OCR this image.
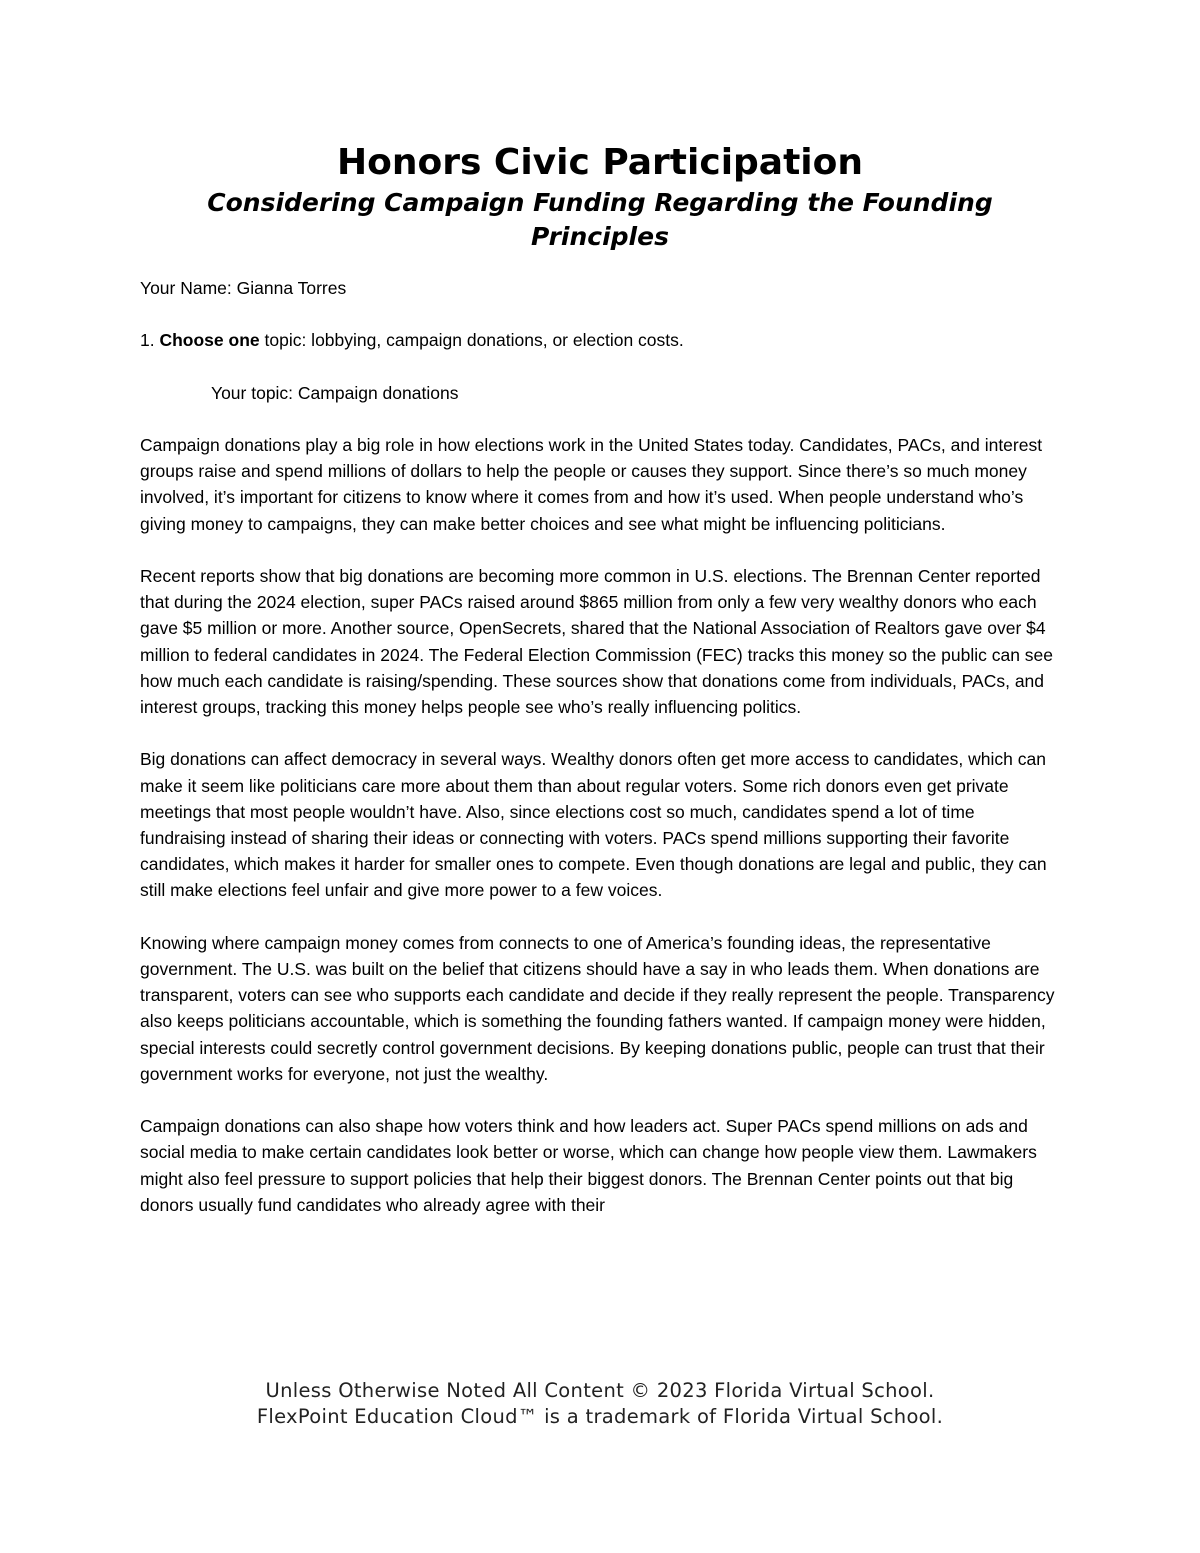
Honors Civic Participation
Considering Campaign Funding Regarding the Founding Principles

Your Name: Gianna Torres

1. Choose one topic: lobbying, campaign donations, or election costs.

Your topic: Campaign donations

Campaign donations play a big role in how elections work in the United States today. Candidates, PACs, and interest groups raise and spend millions of dollars to help the people or causes they support. Since there’s so much money involved, it’s important for citizens to know where it comes from and how it’s used. When people understand who’s giving money to campaigns, they can make better choices and see what might be influencing politicians.

Recent reports show that big donations are becoming more common in U.S. elections. The Brennan Center reported that during the 2024 election, super PACs raised around $865 million from only a few very wealthy donors who each gave $5 million or more. Another source, OpenSecrets, shared that the National Association of Realtors gave over $4 million to federal candidates in 2024. The Federal Election Commission (FEC) tracks this money so the public can see how much each candidate is raising/spending. These sources show that donations come from individuals, PACs, and interest groups, tracking this money helps people see who’s really influencing politics.

Big donations can affect democracy in several ways. Wealthy donors often get more access to candidates, which can make it seem like politicians care more about them than about regular voters. Some rich donors even get private meetings that most people wouldn’t have. Also, since elections cost so much, candidates spend a lot of time fundraising instead of sharing their ideas or connecting with voters. PACs spend millions supporting their favorite candidates, which makes it harder for smaller ones to compete. Even though donations are legal and public, they can still make elections feel unfair and give more power to a few voices.

Knowing where campaign money comes from connects to one of America’s founding ideas, the representative government. The U.S. was built on the belief that citizens should have a say in who leads them. When donations are transparent, voters can see who supports each candidate and decide if they really represent the people. Transparency also keeps politicians accountable, which is something the founding fathers wanted. If campaign money were hidden, special interests could secretly control government decisions. By keeping donations public, people can trust that their government works for everyone, not just the wealthy.

Campaign donations can also shape how voters think and how leaders act. Super PACs spend millions on ads and social media to make certain candidates look better or worse, which can change how people view them. Lawmakers might also feel pressure to support policies that help their biggest donors. The Brennan Center points out that big donors usually fund candidates who already agree with their

Unless Otherwise Noted All Content © 2023 Florida Virtual School.
FlexPoint Education Cloud™ is a trademark of Florida Virtual School.
